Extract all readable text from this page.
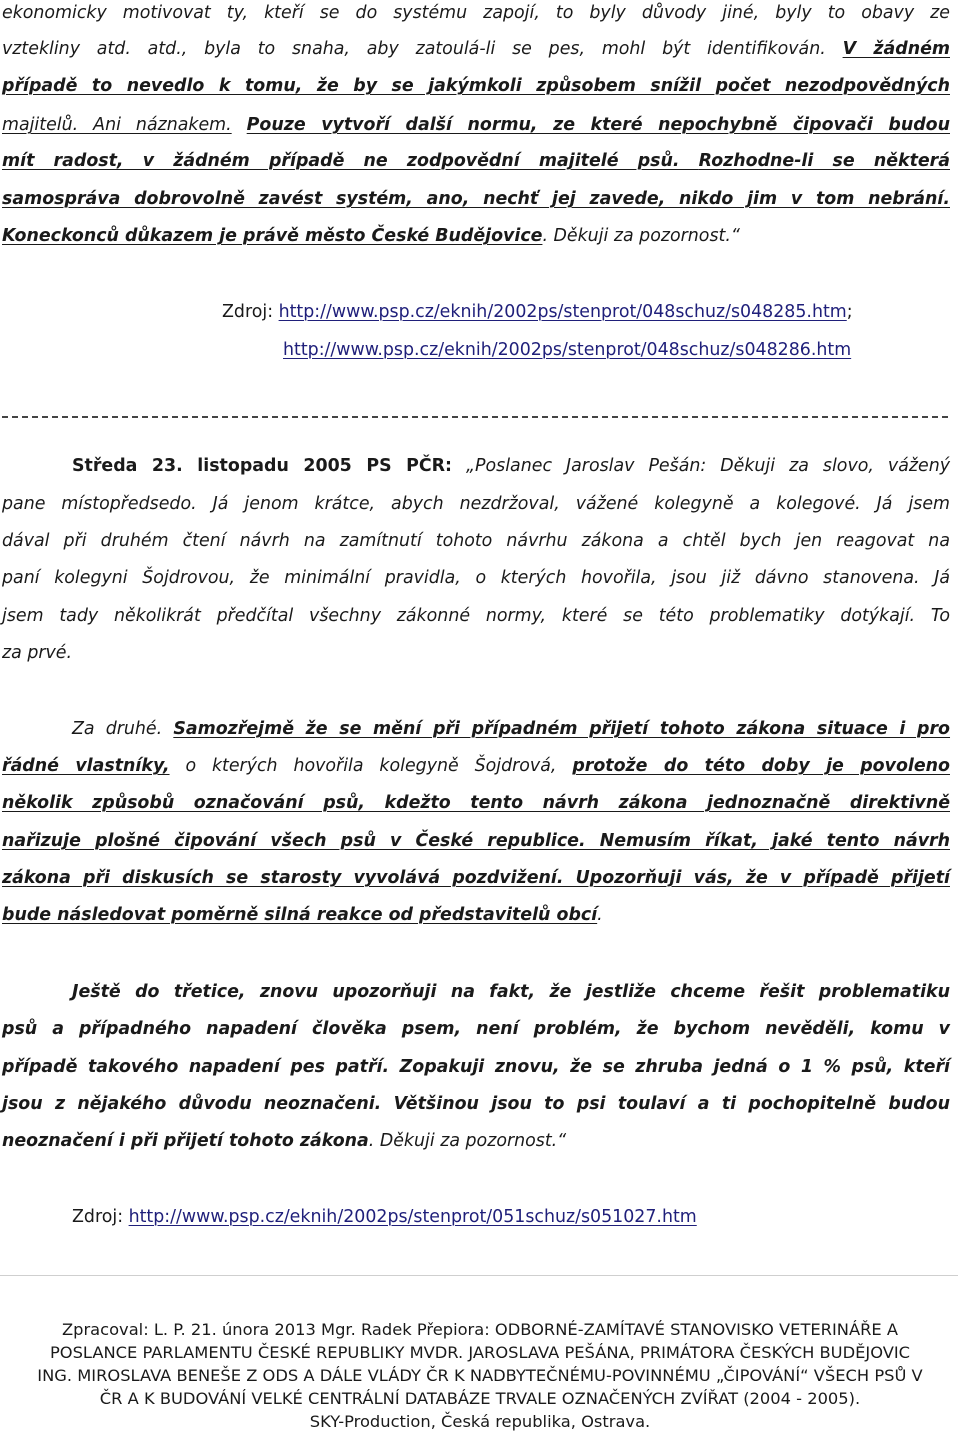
ekonomicky motivovat ty, kteří se do systému zapojí, to byly důvody jiné, byly to obavy ze
vztekliny atd. atd., byla to snaha, aby zatoulá-li se pes, mohl být identifikován. V žádném
případě to nevedlo k tomu, že by se jakýmkoli způsobem snížil počet nezodpovědných
majitelů. Ani náznakem. Pouze vytvoří další normu, ze které nepochybně čipovači budou
mít radost, v žádném případě ne zodpovědní majitelé psů. Rozhodne-li se některá
samospráva dobrovolně zavést systém, ano, nechť jej zavede, nikdo jim v tom nebrání.
Koneckonců důkazem je právě město České Budějovice. Děkuji za pozornost.“
Zdroj: http://www.psp.cz/eknih/2002ps/stenprot/048schuz/s048285.htm;
http://www.psp.cz/eknih/2002ps/stenprot/048schuz/s048286.htm
Středa 23. listopadu 2005 PS PČR: „Poslanec Jaroslav Pešán: Děkuji za slovo, vážený
pane místopředsedo. Já jenom krátce, abych nezdržoval, vážené kolegyně a kolegové. Já jsem
dával při druhém čtení návrh na zamítnutí tohoto návrhu zákona a chtěl bych jen reagovat na
paní kolegyni Šojdrovou, že minimální pravidla, o kterých hovořila, jsou již dávno stanovena. Já
jsem tady několikrát předčítal všechny zákonné normy, které se této problematiky dotýkají. To
za prvé.
Za druhé. Samozřejmě že se mění při případném přijetí tohoto zákona situace i pro
řádné vlastníky, o kterých hovořila kolegyně Šojdrová, protože do této doby je povoleno
několik způsobů označování psů, kdežto tento návrh zákona jednoznačně direktivně
nařizuje plošné čipování všech psů v České republice. Nemusím říkat, jaké tento návrh
zákona při diskusích se starosty vyvolává pozdvižení. Upozorňuji vás, že v případě přijetí
bude následovat poměrně silná reakce od představitelů obcí.
Ještě do třetice, znovu upozorňuji na fakt, že jestliže chceme řešit problematiku
psů a případného napadení člověka psem, není problém, že bychom nevěděli, komu v
případě takového napadení pes patří. Zopakuji znovu, že se zhruba jedná o 1 % psů, kteří
jsou z nějakého důvodu neoznačeni. Většinou jsou to psi toulaví a ti pochopitelně budou
neoznačení i při přijetí tohoto zákona. Děkuji za pozornost.“
Zdroj: http://www.psp.cz/eknih/2002ps/stenprot/051schuz/s051027.htm
Zpracoval: L. P. 21. února 2013 Mgr. Radek Přepiora: ODBORNÉ-ZAMÍTAVÉ STANOVISKO VETERINÁŘE A
POSLANCE PARLAMENTU ČESKÉ REPUBLIKY MVDR. JAROSLAVA PEŠÁNA, PRIMÁTORA ČESKÝCH BUDĚJOVIC
ING. MIROSLAVA BENEŠE Z ODS A DÁLE VLÁDY ČR K NADBYTEČNÉMU-POVINNÉMU „ČIPOVÁNÍ“ VŠECH PSŮ V
ČR A K BUDOVÁNÍ VELKÉ CENTRÁLNÍ DATABÁZE TRVALE OZNAČENÝCH ZVÍŘAT (2004 - 2005).
SKY-Production, Česká republika, Ostrava.
